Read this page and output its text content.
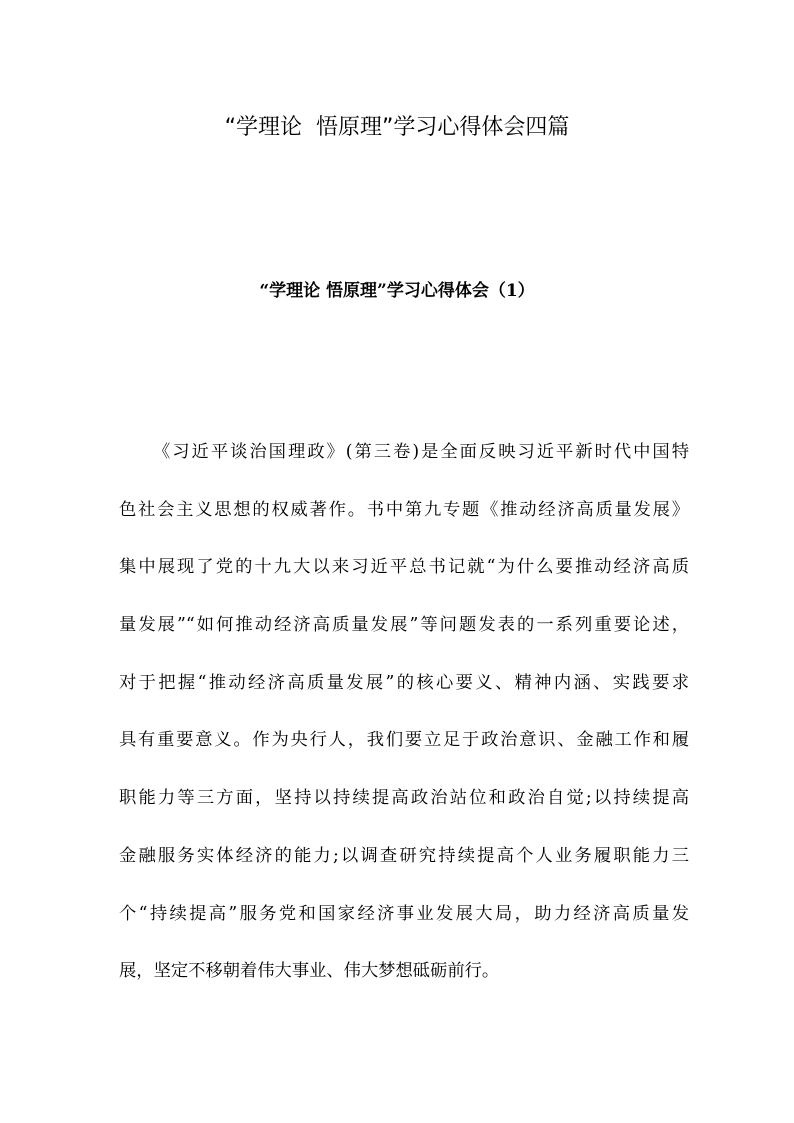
“学理论  悟原理”学习心得体会四篇
“学理论 悟原理”学习心得体会（1）
《习近平谈治国理政》(第三卷)是全面反映习近平新时代中国特
色社会主义思想的权威著作。书中第九专题《推动经济高质量发展》
集中展现了党的十九大以来习近平总书记就“为什么要推动经济高质
量发展”“如何推动经济高质量发展”等问题发表的一系列重要论述，
对于把握“推动经济高质量发展”的核心要义、精神内涵、实践要求
具有重要意义。作为央行人，我们要立足于政治意识、金融工作和履
职能力等三方面，坚持以持续提高政治站位和政治自觉;以持续提高
金融服务实体经济的能力;以调查研究持续提高个人业务履职能力三
个“持续提高”服务党和国家经济事业发展大局，助力经济高质量发
展，坚定不移朝着伟大事业、伟大梦想砥砺前行。
